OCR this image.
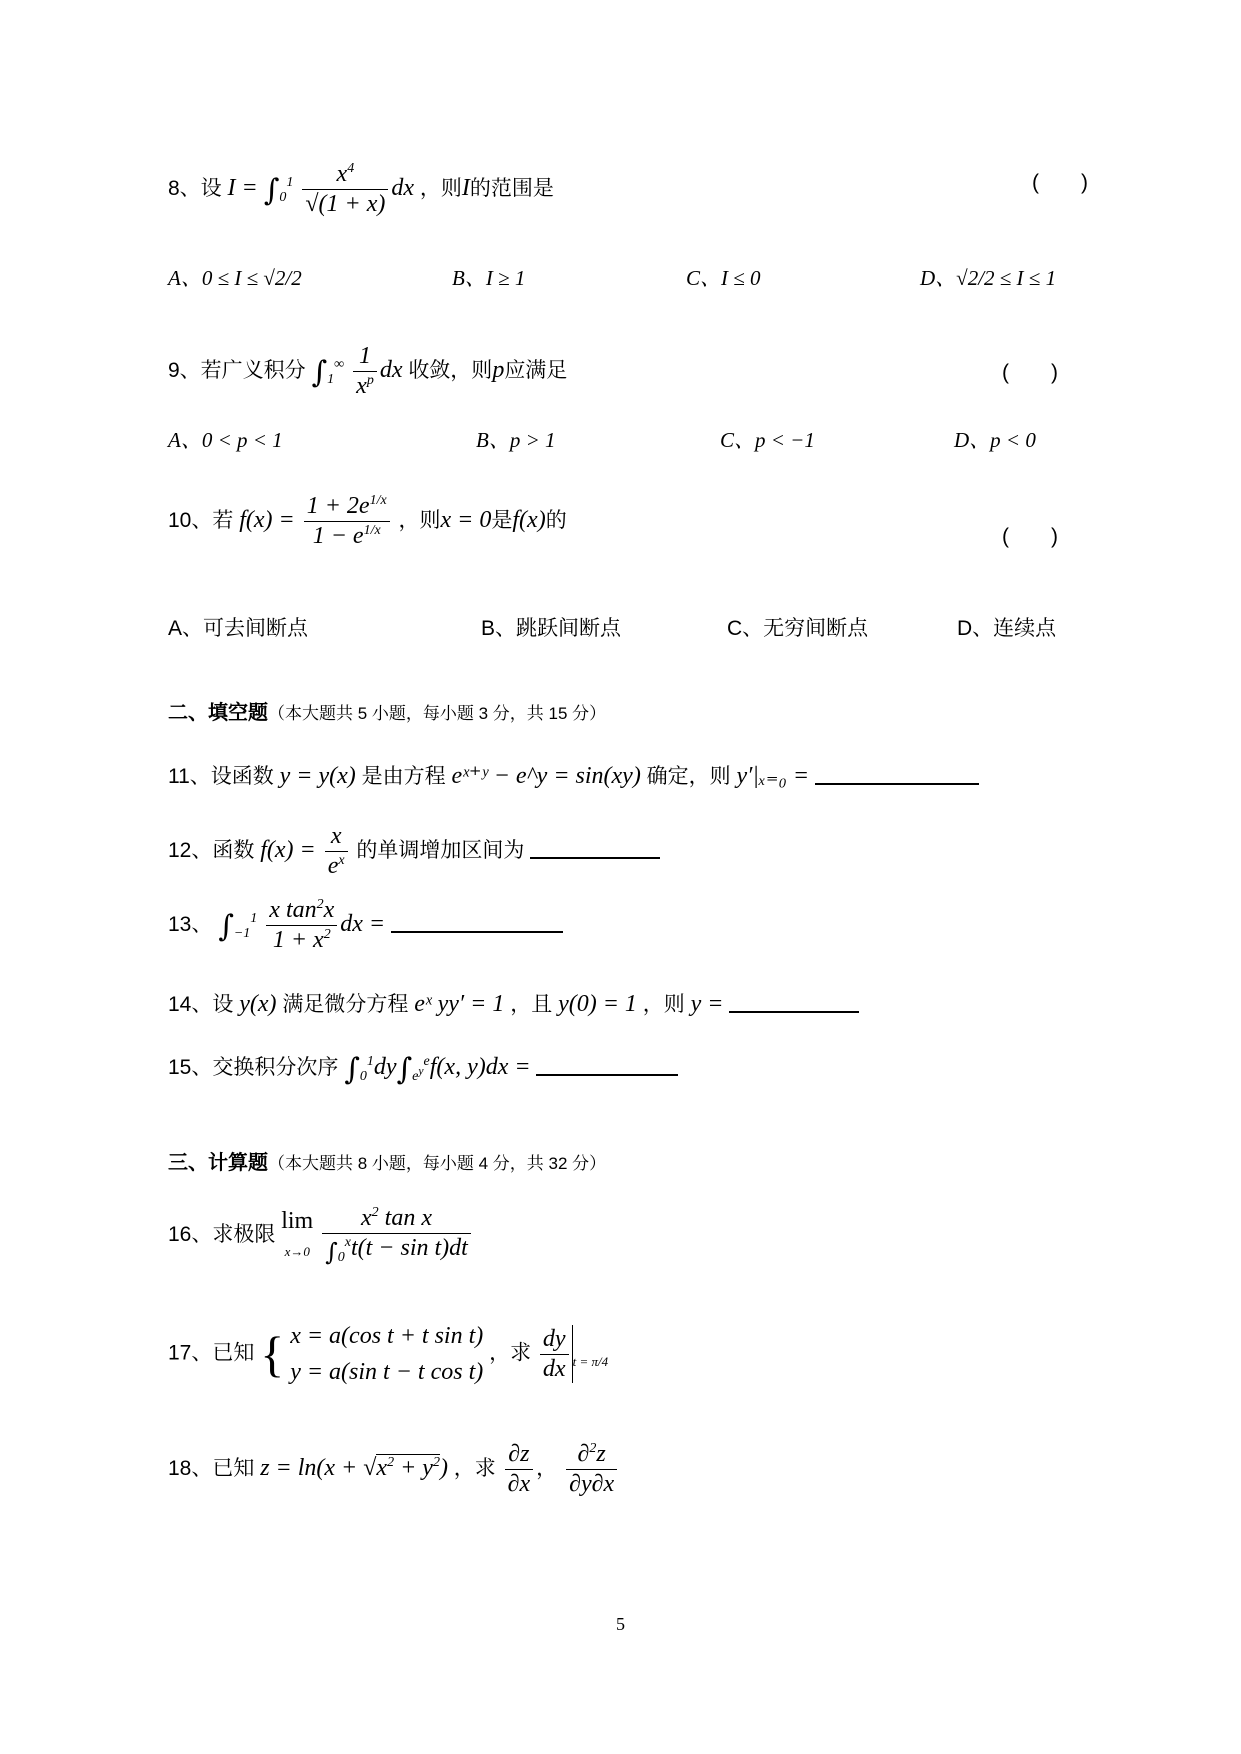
8、设 $I = \int_0^1 \frac{x^4}{√(1 + x)}$ dx ，则I的范围是	(　　)
A、0 ≤ I ≤ √2/2	B、I ≥ 1	C、I ≤ 0	D、√2/2 ≤ I ≤ 1
9、若广义积分 $\int_1^\infty \frac{1}{x^p}$ dx 收敛，则p应满足	(　　)
A、0 < p < 1	B、p > 1	C、p < −1	D、p < 0
10、若 $f(x) = \frac{1 + 2e^{1/x}}{1 - e^{1/x}}$ ，则x = 0是f(x)的
(　　)
A、可去间断点	B、跳跃间断点	C、无穷间断点	D、连续点
二、填空题（本大题共 5 小题，每小题 3 分，共 15 分）
11、设函数 y = y(x) 是由方程 eˣ⁺ʸ − e^y = sin(xy) 确定，则 y′|ₓ₌₀ =
12、函数 $f(x) = \frac{x}{e^x}$ 的单调增加区间为
13、 $\int_{-1}^1 \frac{x \tan^2x}{1 + x^2}$ dx =
14、设 y(x) 满足微分方程 eˣ yy′ = 1 ，且 y(0) = 1 ，则 y =
15、交换积分次序 $\int_0^1dy\int_{e^y}^ef(x$, y)dx =
三、计算题（本大题共 8 小题，每小题 4 分，共 32 分）
16、求极限 lim
$x\to 0 \frac{x^2 \tan x}{\int_0^xt(t - \sin t)dt}$
17、已知 { x = a(cos t + t sin t)
y = a(sin t − t cos t) ，求 $\frac{dy}{dx} _{t = \pi/4}$
18、已知 $z = \ln(x + √x^2 + y^2)$ ，求 $\frac{\partial z}{\partial x}$ ， $\frac{\partial^2z}{\partial y\partial x}$
5
